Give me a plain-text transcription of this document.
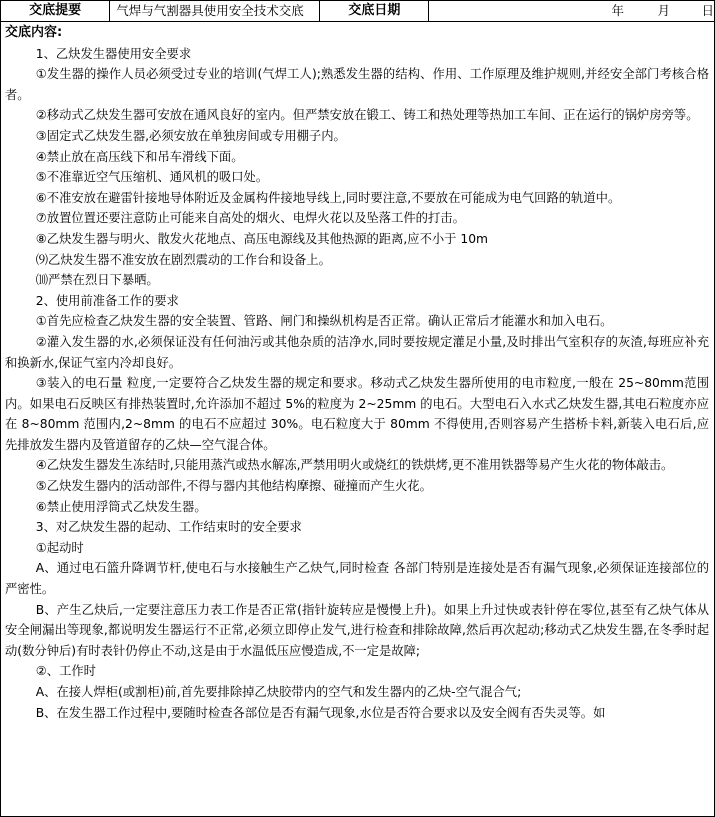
交底提要	气焊与气割器具使用安全技术交底	交底日期	年	月	日
交底内容:

1、乙炔发生器使用安全要求

①发生器的操作人员必须受过专业的培训(气焊工人);熟悉发生器的结构、作用、工作原理及维护规则,并经安全部门考核合格者。

②移动式乙炔发生器可安放在通风良好的室内。但严禁安放在锻工、铸工和热处理等热加工车间、正在运行的锅炉房旁等。

③固定式乙炔发生器,必须安放在单独房间或专用棚子内。

④禁止放在高压线下和吊车滑线下面。

⑤不准靠近空气压缩机、通风机的吸口处。

⑥不准安放在避雷针接地导体附近及金属构件接地导线上,同时要注意,不要放在可能成为电气回路的轨道中。

⑦放置位置还要注意防止可能来自高处的烟火、电焊火花以及坠落工件的打击。

⑧乙炔发生器与明火、散发火花地点、高压电源线及其他热源的距离,应不小于 10m

⑼乙炔发生器不准安放在剧烈震动的工作台和设备上。

⑽严禁在烈日下暴晒。

2、使用前准备工作的要求

①首先应检查乙炔发生器的安全装置、管路、闸门和操纵机构是否正常。确认正常后才能灌水和加入电石。

②灌入发生器的水,必须保证没有任何油污或其他杂质的洁净水,同时要按规定灌足小量,及时排出气室积存的灰渣,每班应补充和换新水,保证气室内冷却良好。

③装入的电石量 粒度,一定要符合乙炔发生器的规定和要求。移动式乙炔发生器所使用的电市粒度,一般在 25~80mm范围内。如果电石反映区有排热装置时,允许添加不超过 5%的粒度为 2~25mm 的电石。大型电石入水式乙炔发生器,其电石粒度亦应在 8~80mm 范围内,2~8mm 的电石不应超过 30%。电石粒度大于 80mm 不得使用,否则容易产生搭桥卡料,新装入电石后,应先排放发生器内及管道留存的乙炔—空气混合体。

④乙炔发生器发生冻结时,只能用蒸汽或热水解冻,严禁用明火或烧红的铁烘烤,更不准用铁器等易产生火花的物体敲击。

⑤乙炔发生器内的活动部件,不得与器内其他结构摩擦、碰撞而产生火花。

⑥禁止使用浮筒式乙炔发生器。

3、对乙炔发生器的起动、工作结束时的安全要求

①起动时

A、通过电石篮升降调节杆,使电石与水接触生产乙炔气,同时检查 各部门特别是连接处是否有漏气现象,必须保证连接部位的严密性。

B、产生乙炔后,一定要注意压力表工作是否正常(指针旋转应是慢慢上升)。如果上升过快或表针停在零位,甚至有乙炔气体从安全闸漏出等现象,都说明发生器运行不正常,必须立即停止发气,进行检查和排除故障,然后再次起动;移动式乙炔发生器,在冬季时起动(数分钟后)有时表针仍停止不动,这是由于水温低压应慢造成,不一定是故障;

②、工作时

A、在接人焊柜(或割柜)前,首先要排除掉乙炔胶带内的空气和发生器内的乙炔-空气混合气;

B、在发生器工作过程中,要随时检查各部位是否有漏气现象,水位是否符合要求以及安全阀有否失灵等。如
